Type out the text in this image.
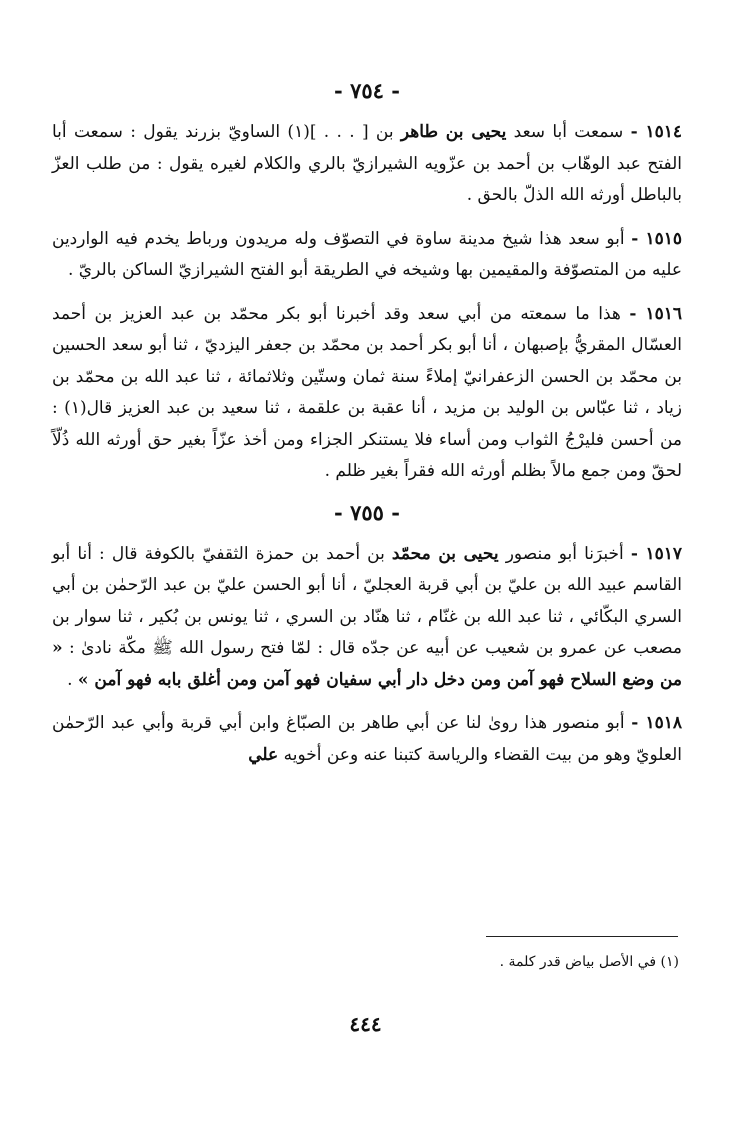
- ٧٥٤ -

١٥١٤ - سمعت أبا سعد يحيى بن طاهر بن [ . . . ](١) الساويّ بزرند يقول : سمعت أبا الفتح عبد الوهّاب بن أحمد بن عزّويه الشيرازيّ بالري والكلام لغيره يقول : من طلب العزّ بالباطل أورثه الله الذلّ بالحق .

١٥١٥ - أبو سعد هذا شيخ مدينة ساوة في التصوّف وله مريدون ورباط يخدم فيه الواردين عليه من المتصوّفة والمقيمين بها وشيخه في الطريقة أبو الفتح الشيرازيّ الساكن بالريّ .

١٥١٦ - هذا ما سمعته من أبي سعد وقد أخبرنا أبو بكر محمّد بن عبد العزيز بن أحمد العسّال المقريُّ بإصبهان ، أنا أبو بكر أحمد بن محمّد بن جعفر اليزديّ ، ثنا أبو سعد الحسين بن محمّد بن الحسن الزعفرانيّ إملاءً سنة ثمان وستّين وثلاثمائة ، ثنا عبد الله بن محمّد بن زياد ، ثنا عبّاس بن الوليد بن مزيد ، أنا عقبة بن علقمة ، ثنا سعيد بن عبد العزيز قال(١) : من أحسن فليرْجُ الثواب ومن أساء فلا يستنكر الجزاء ومن أخذ عزّاً بغير حق أورثه الله ذُلّاً لحقّ ومن جمع مالاً بظلم أورثه الله فقراً بغير ظلم .

- ٧٥٥ -

١٥١٧ - أخبرَنا أبو منصور يحيى بن محمّد بن أحمد بن حمزة الثقفيّ بالكوفة قال : أنا أبو القاسم عبيد الله بن عليّ بن أبي قربة العجليّ ، أنا أبو الحسن عليّ بن عبد الرّحمٰن بن أبي السري البكّائي ، ثنا عبد الله بن غنّام ، ثنا هنّاد بن السري ، ثنا يونس بن بُكير ، ثنا سوار بن مصعب عن عمرو بن شعيب عن أبيه عن جدّه قال : لمّا فتح رسول الله ﷺ مكّة نادىٰ : « من وضع السلاح فهو آمن ومن دخل دار أبي سفيان فهو آمن ومن أغلق بابه فهو آمن » .

١٥١٨ - أبو منصور هذا روىٰ لنا عن أبي طاهر بن الصبّاغ وابن أبي قربة وأبي عبد الرّحمٰن العلويّ وهو من بيت القضاء والرياسة كتبنا عنه وعن أخويه علي

(١) في الأصل بياض قدر كلمة .
٤٤٤
